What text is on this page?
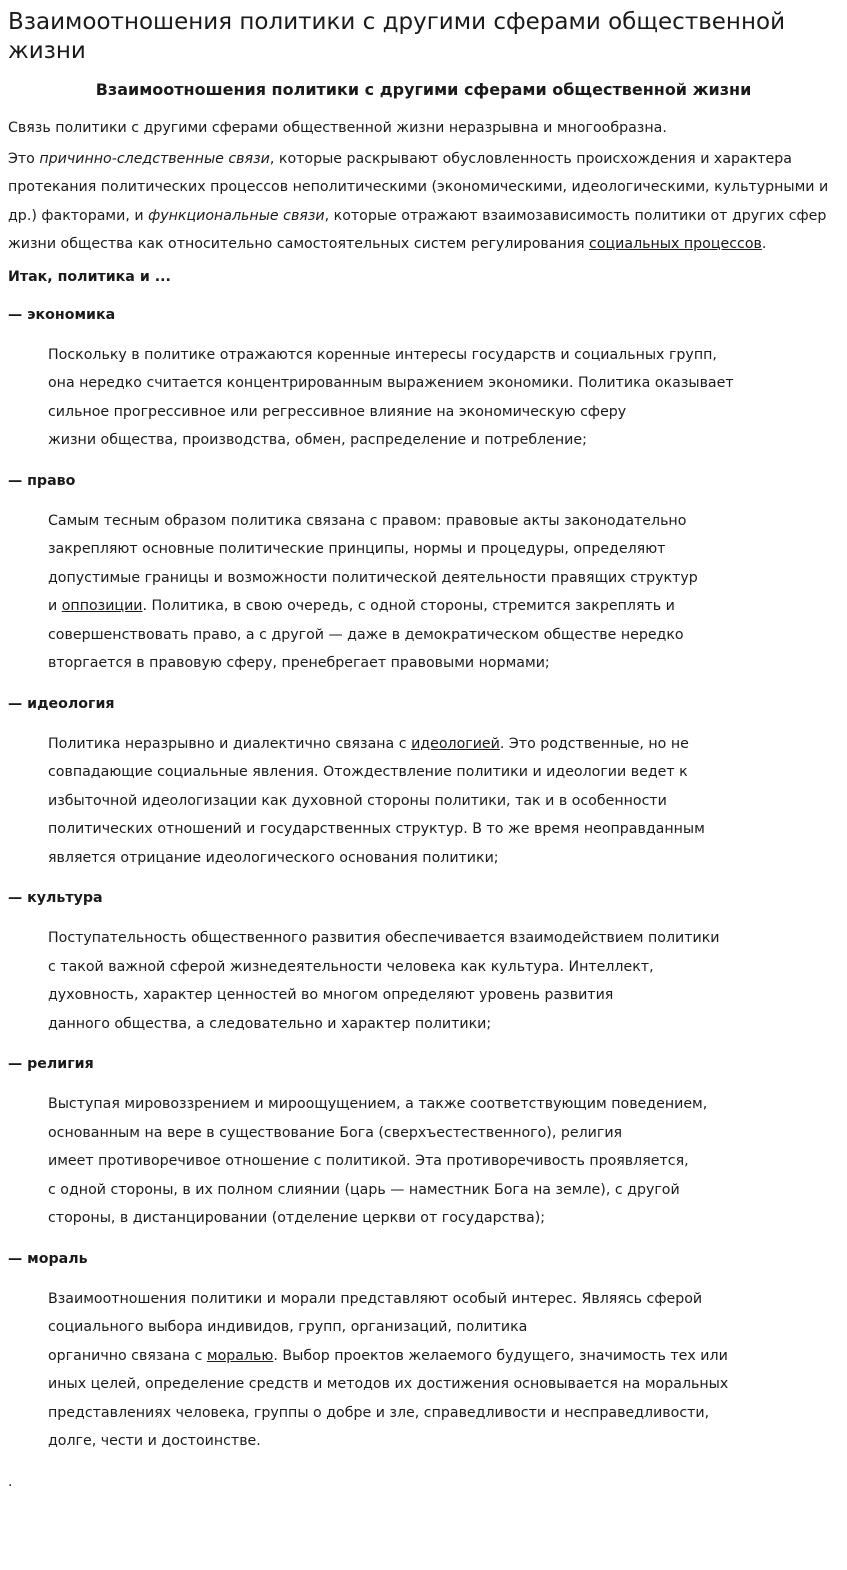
Взаимоотношения политики с другими сферами общественной жизни
Взаимоотношения политики с другими сферами общественной жизни

Связь политики с другими сферами общественной жизни неразрывна и многообразна.

Это причинно-следственные связи, которые раскрывают обусловленность происхождения и характера протекания политических процессов неполитическими (экономическими, идеологическими, культурными и др.) факторами, и функциональные связи, которые отражают взаимозависимость политики от других сфер жизни общества как относительно самостоятельных систем регулирования социальных процессов.

Итак, политика и ...
— экономика
Поскольку в политике отражаются коренные интересы государств и социальных групп,
она нередко считается концентрированным выражением экономики. Политика оказывает
сильное прогрессивное или регрессивное влияние на экономическую сферу
жизни общества, производства, обмен, распределение и потребление;
— право
Самым тесным образом политика связана с правом: правовые акты законодательно
закрепляют основные политические принципы, нормы и процедуры, определяют
допустимые границы и возможности политической деятельности правящих структур
и оппозиции. Политика, в свою очередь, с одной стороны, стремится закреплять и
совершенствовать право, а с другой — даже в демократическом обществе нередко
вторгается в правовую сферу, пренебрегает правовыми нормами;
— идеология
Политика неразрывно и диалектично связана с идеологией. Это родственные, но не
совпадающие социальные явления. Отождествление политики и идеологии ведет к
избыточной идеологизации как духовной стороны политики, так и в особенности
политических отношений и государственных структур. В то же время неоправданным
является отрицание идеологического основания политики;
— культура
Поступательность общественного развития обеспечивается взаимодействием политики
с такой важной сферой жизнедеятельности человека как культура. Интеллект,
духовность, характер ценностей во многом определяют уровень развития
данного общества, а следовательно и характер политики;
— религия
Выступая мировоззрением и мироощущением, а также соответствующим поведением,
основанным на вере в существование Бога (сверхъестественного), религия
имеет противоречивое отношение с политикой. Эта противоречивость проявляется,
с одной стороны, в их полном слиянии (царь — наместник Бога на земле), с другой
стороны, в дистанцировании (отделение церкви от государства);
— мораль
Взаимоотношения политики и морали представляют особый интерес. Являясь сферой
социального выбора индивидов, групп, организаций, политика
органично связана с моралью. Выбор проектов желаемого будущего, значимость тех или
иных целей, определение средств и методов их достижения основывается на моральных
представлениях человека, группы о добре и зле, справедливости и несправедливости,
долге, чести и достоинстве.
.
